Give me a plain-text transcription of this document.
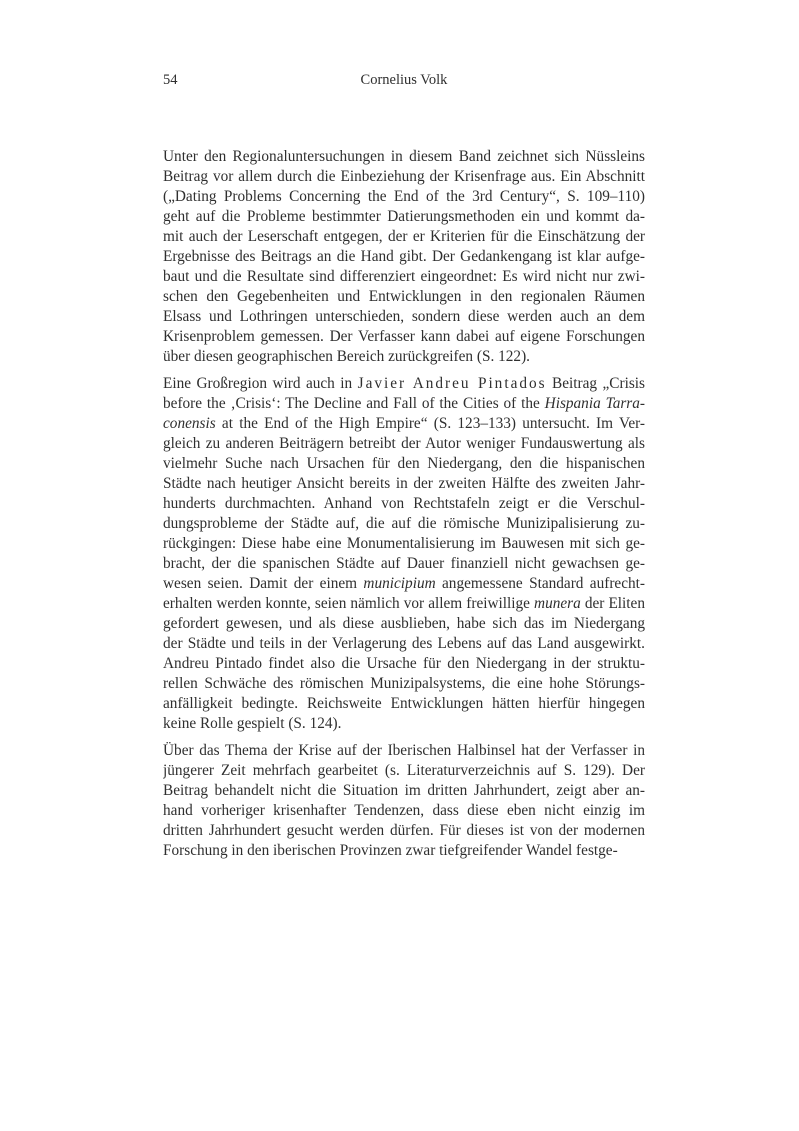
54	Cornelius Volk
Unter den Regionaluntersuchungen in diesem Band zeichnet sich Nüssleins
Beitrag vor allem durch die Einbeziehung der Krisenfrage aus. Ein Abschnitt
(„Dating Problems Concerning the End of the 3rd Century“, S. 109–110)
geht auf die Probleme bestimmter Datierungsmethoden ein und kommt da-
mit auch der Leserschaft entgegen, der er Kriterien für die Einschätzung der
Ergebnisse des Beitrags an die Hand gibt. Der Gedankengang ist klar aufge-
baut und die Resultate sind differenziert eingeordnet: Es wird nicht nur zwi-
schen den Gegebenheiten und Entwicklungen in den regionalen Räumen
Elsass und Lothringen unterschieden, sondern diese werden auch an dem
Krisenproblem gemessen. Der Verfasser kann dabei auf eigene Forschungen
über diesen geographischen Bereich zurückgreifen (S. 122).
Eine Großregion wird auch in Javier Andreu Pintados Beitrag „Crisis
before the ‚Crisis‘: The Decline and Fall of the Cities of the Hispania Tarra-
conensis at the End of the High Empire“ (S. 123–133) untersucht. Im Ver-
gleich zu anderen Beiträgern betreibt der Autor weniger Fundauswertung als
vielmehr Suche nach Ursachen für den Niedergang, den die hispanischen
Städte nach heutiger Ansicht bereits in der zweiten Hälfte des zweiten Jahr-
hunderts durchmachten. Anhand von Rechtstafeln zeigt er die Verschul-
dungsprobleme der Städte auf, die auf die römische Munizipalisierung zu-
rückgingen: Diese habe eine Monumentalisierung im Bauwesen mit sich ge-
bracht, der die spanischen Städte auf Dauer finanziell nicht gewachsen ge-
wesen seien. Damit der einem municipium angemessene Standard aufrecht-
erhalten werden konnte, seien nämlich vor allem freiwillige munera der Eliten
gefordert gewesen, und als diese ausblieben, habe sich das im Niedergang
der Städte und teils in der Verlagerung des Lebens auf das Land ausgewirkt.
Andreu Pintado findet also die Ursache für den Niedergang in der struktu-
rellen Schwäche des römischen Munizipalsystems, die eine hohe Störungs-
anfälligkeit bedingte. Reichsweite Entwicklungen hätten hierfür hingegen
keine Rolle gespielt (S. 124).
Über das Thema der Krise auf der Iberischen Halbinsel hat der Verfasser in
jüngerer Zeit mehrfach gearbeitet (s. Literaturverzeichnis auf S. 129). Der
Beitrag behandelt nicht die Situation im dritten Jahrhundert, zeigt aber an-
hand vorheriger krisenhafter Tendenzen, dass diese eben nicht einzig im
dritten Jahrhundert gesucht werden dürfen. Für dieses ist von der modernen
Forschung in den iberischen Provinzen zwar tiefgreifender Wandel festge-
